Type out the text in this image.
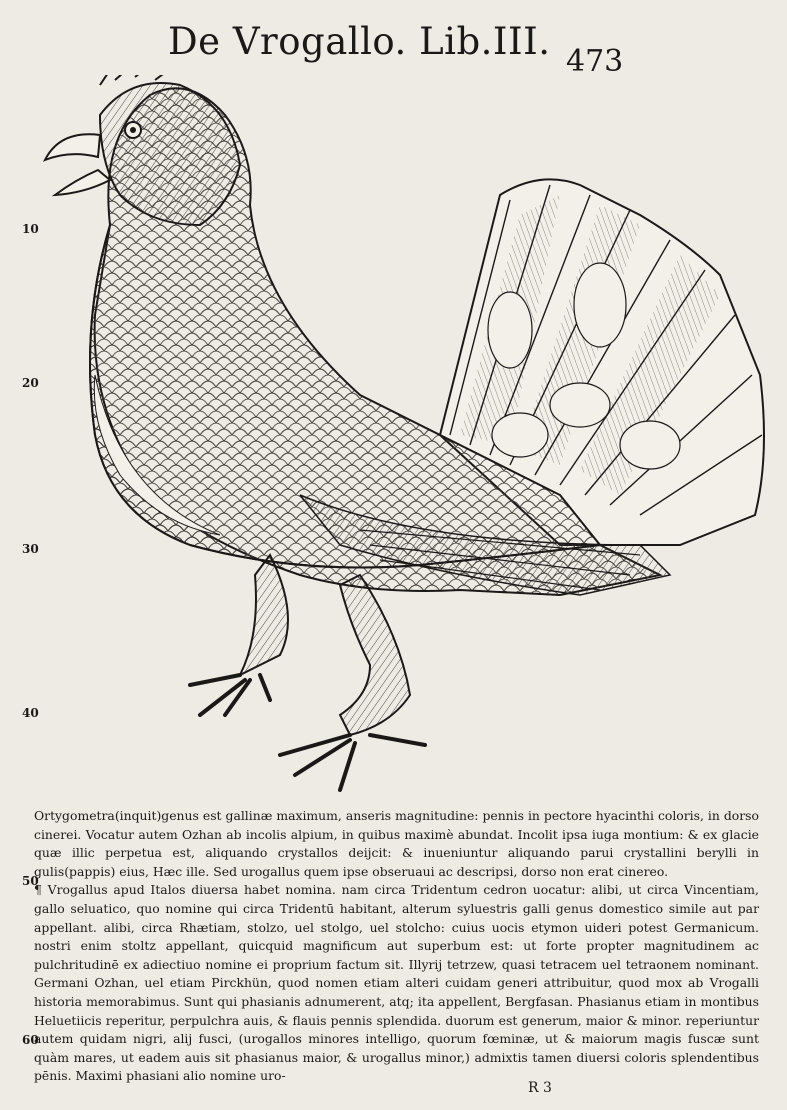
De Vrogallo. Lib.III. 473
10
20
30
40
50
60

Ortygometra(inquit)genus est gallinæ maximum, anseris magnitudine: pennis in pectore hyacinthi coloris, in dorso cinerei. Vocatur autem Ozhan ab incolis alpium, in quibus maximè abundat. Incolit ipsa iuga montium: & ex glacie quæ illic perpetua est, aliquando crystallos deijcit: & inueniuntur aliquando parui crystallini berylli in gulis(pappis) eius, Hæc ille. Sed urogallus quem ipse obseruaui ac descripsi, dorso non erat cinereo.

¶ Vrogallus apud Italos diuersa habet nomina. nam circa Tridentum cedron uocatur: alibi, ut circa Vincentiam, gallo seluatico, quo nomine qui circa Tridentū habitant, alterum syluestris galli genus domestico simile aut par appellant. alibi, circa Rhætiam, stolzo, uel stolgo, uel stolcho: cuius uocis etymon uideri potest Germanicum. nostri enim stoltz appellant, quicquid magnificum aut superbum est: ut forte propter magnitudinem ac pulchritudinē ex adiectiuo nomine ei proprium factum sit. Illyrij tetrzew, quasi tetracem uel tetraonem nominant. Germani Ozhan, uel etiam Pirckhün, quod nomen etiam alteri cuidam generi attribuitur, quod mox ab Vrogalli historia memorabimus. Sunt qui phasianis adnumerent, atq; ita appellent, Bergfasan. Phasianus etiam in montibus Heluetiicis reperitur, perpulchra auis, & flauis pennis splendida. duorum est generum, maior & minor. reperiuntur autem quidam nigri, alij fusci, (urogallos minores intelligo, quorum fœminæ, ut & maiorum magis fuscæ sunt quàm mares, ut eadem auis sit phasianus maior, & urogallus minor,) admixtis tamen diuersi coloris splendentibus pēnis. Maximi phasiani alio nomine uro-

R 3
